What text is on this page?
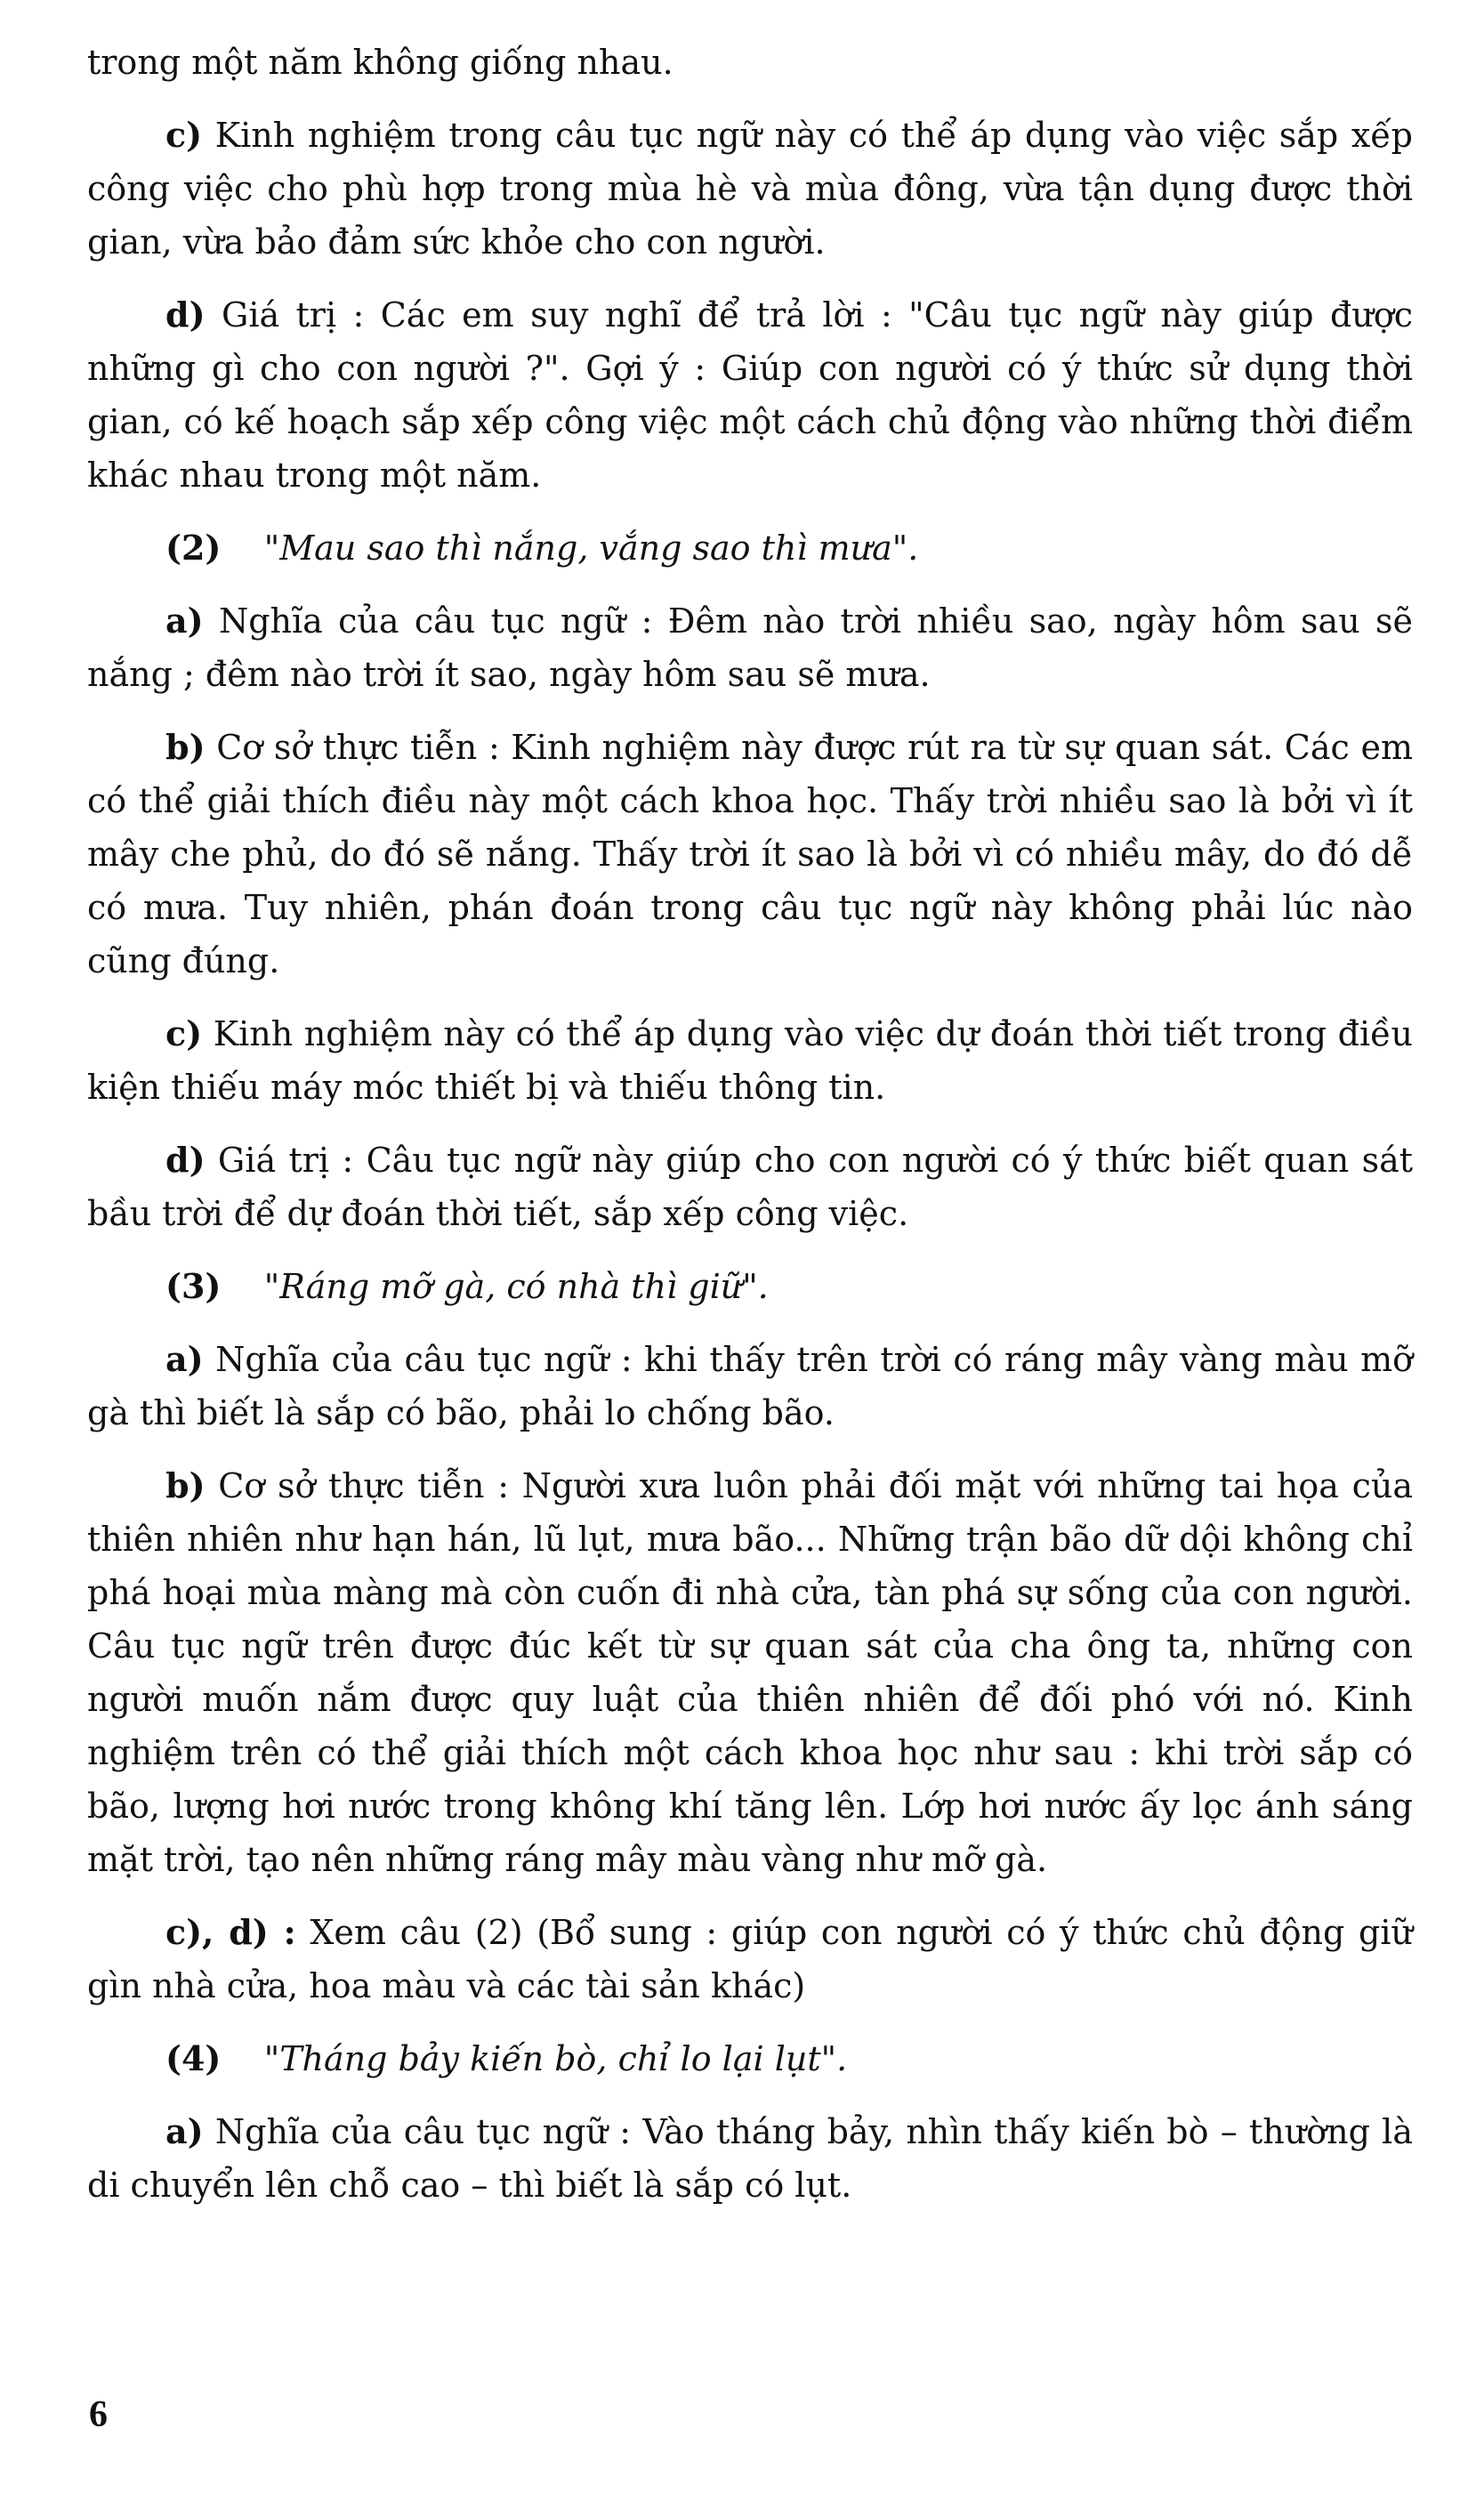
trong một năm không giống nhau.

c) Kinh nghiệm trong câu tục ngữ này có thể áp dụng vào việc sắp xếp công việc cho phù hợp trong mùa hè và mùa đông, vừa tận dụng được thời gian, vừa bảo đảm sức khỏe cho con người.

d) Giá trị : Các em suy nghĩ để trả lời : "Câu tục ngữ này giúp được những gì cho con người ?". Gợi ý : Giúp con người có ý thức sử dụng thời gian, có kế hoạch sắp xếp công việc một cách chủ động vào những thời điểm khác nhau trong một năm.

(2) "Mau sao thì nắng, vắng sao thì mưa".

a) Nghĩa của câu tục ngữ : Đêm nào trời nhiều sao, ngày hôm sau sẽ nắng ; đêm nào trời ít sao, ngày hôm sau sẽ mưa.

b) Cơ sở thực tiễn : Kinh nghiệm này được rút ra từ sự quan sát. Các em có thể giải thích điều này một cách khoa học. Thấy trời nhiều sao là bởi vì ít mây che phủ, do đó sẽ nắng. Thấy trời ít sao là bởi vì có nhiều mây, do đó dễ có mưa. Tuy nhiên, phán đoán trong câu tục ngữ này không phải lúc nào cũng đúng.

c) Kinh nghiệm này có thể áp dụng vào việc dự đoán thời tiết trong điều kiện thiếu máy móc thiết bị và thiếu thông tin.

d) Giá trị : Câu tục ngữ này giúp cho con người có ý thức biết quan sát bầu trời để dự đoán thời tiết, sắp xếp công việc.

(3) "Ráng mỡ gà, có nhà thì giữ".

a) Nghĩa của câu tục ngữ : khi thấy trên trời có ráng mây vàng màu mỡ gà thì biết là sắp có bão, phải lo chống bão.

b) Cơ sở thực tiễn : Người xưa luôn phải đối mặt với những tai họa của thiên nhiên như hạn hán, lũ lụt, mưa bão... Những trận bão dữ dội không chỉ phá hoại mùa màng mà còn cuốn đi nhà cửa, tàn phá sự sống của con người. Câu tục ngữ trên được đúc kết từ sự quan sát của cha ông ta, những con người muốn nắm được quy luật của thiên nhiên để đối phó với nó. Kinh nghiệm trên có thể giải thích một cách khoa học như sau : khi trời sắp có bão, lượng hơi nước trong không khí tăng lên. Lớp hơi nước ấy lọc ánh sáng mặt trời, tạo nên những ráng mây màu vàng như mỡ gà.

c), d) : Xem câu (2) (Bổ sung : giúp con người có ý thức chủ động giữ gìn nhà cửa, hoa màu và các tài sản khác)

(4) "Tháng bảy kiến bò, chỉ lo lại lụt".

a) Nghĩa của câu tục ngữ : Vào tháng bảy, nhìn thấy kiến bò – thường là di chuyển lên chỗ cao – thì biết là sắp có lụt.

6
